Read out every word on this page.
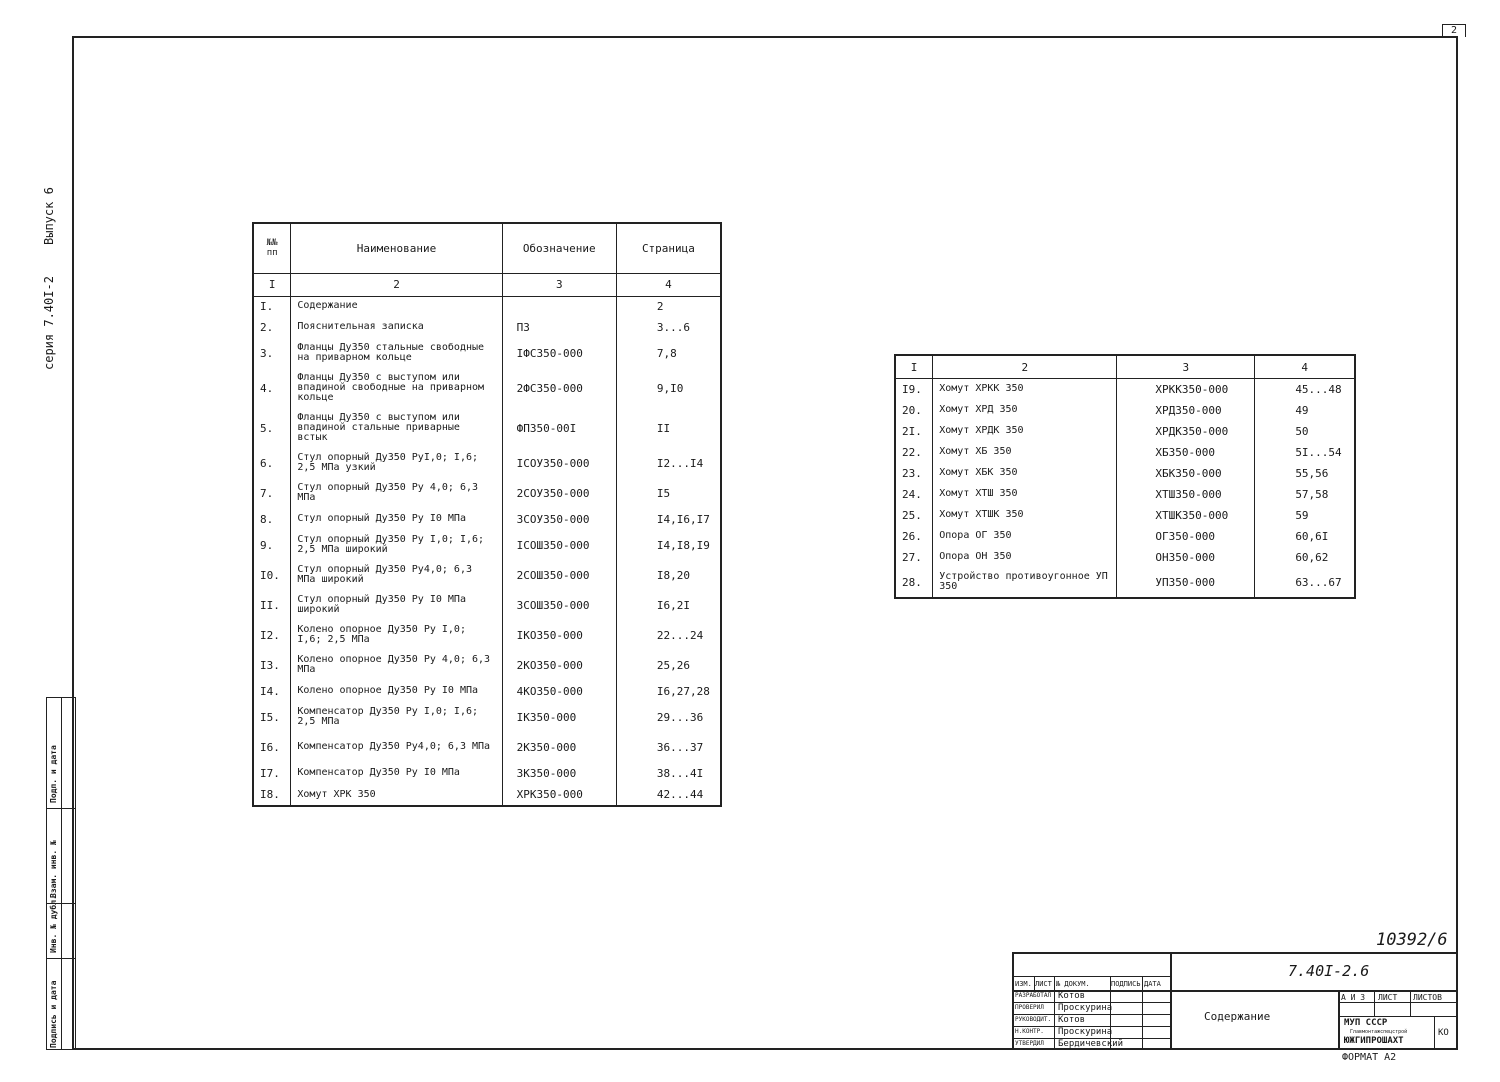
2
серия 7.40I-2
Выпуск 6
Подпись и дата
Инв. № дубл.
Взам. инв. №
Подп. и дата
№№ пп	Наименование	Обозначение	Страница
I	2	3	4
I.	Содержание		2
2.	Пояснительная записка	ПЗ	3...6
3.	Фланцы Ду350 стальные свободные на приварном кольце	IФС350-000	7,8
4.	Фланцы Ду350 с выступом или впадиной свободные на приварном кольце	2ФС350-000	9,I0
5.	Фланцы Ду350 с выступом или впадиной стальные приварные встык	ФП350-00I	II
6.	Стул опорный Ду350 РуI,0; I,6; 2,5 МПа узкий	IСОУ350-000	I2...I4
7.	Стул опорный Ду350 Ру 4,0; 6,3 МПа	2СОУ350-000	I5
8.	Стул опорный Ду350 Ру I0 МПа	3СОУ350-000	I4,I6,I7
9.	Стул опорный Ду350 Ру I,0; I,6; 2,5 МПа широкий	IСОШ350-000	I4,I8,I9
I0.	Стул опорный Ду350 Ру4,0; 6,3 МПа широкий	2СОШ350-000	I8,20
II.	Стул опорный Ду350 Ру I0 МПа широкий	3СОШ350-000	I6,2I
I2.	Колено опорное Ду350 Ру I,0; I,6; 2,5 МПа	IКО350-000	22...24
I3.	Колено опорное Ду350 Ру 4,0; 6,3 МПа	2КО350-000	25,26
I4.	Колено опорное Ду350 Ру I0 МПа	4КО350-000	I6,27,28
I5.	Компенсатор Ду350 Ру I,0; I,6; 2,5 МПа	IК350-000	29...36
I6.	Компенсатор Ду350 Ру4,0; 6,3 МПа	2К350-000	36...37
I7.	Компенсатор Ду350 Ру I0 МПа	3К350-000	38...4I
I8.	Хомут ХРК 350	ХРК350-000	42...44
I	2	3	4
I9.	Хомут ХРКК 350	ХРКК350-000	45...48
20.	Хомут ХРД 350	ХРД350-000	49
2I.	Хомут ХРДК 350	ХРДК350-000	50
22.	Хомут ХБ 350	ХБ350-000	5I...54
23.	Хомут ХБК 350	ХБК350-000	55,56
24.	Хомут ХТШ 350	ХТШ350-000	57,58
25.	Хомут ХТШК 350	ХТШК350-000	59
26.	Опора ОГ 350	ОГ350-000	60,6I
27.	Опора ОН 350	ОН350-000	60,62
28.	Устройство противоугонное УП 350	УП350-000	63...67
10392/6
ИЗМ. ЛИСТ № ДОКУМ.	ПОДПИСЬ ДАТА
РАЗРАБОТАЛ Котов
ПРОВЕРИЛ Проскурина
РУКОВОДИТ. Котов
Н.КОНТР. Проскурина
УТВЕРДИЛ Бердичевский
А И З ЛИСТ ЛИСТОВ
МУП СССР
Главмонтажспецстрой
ЮЖГИПРОШАХТ
КО
7.40I-2.6
Содержание
ФОРМАТ А2
